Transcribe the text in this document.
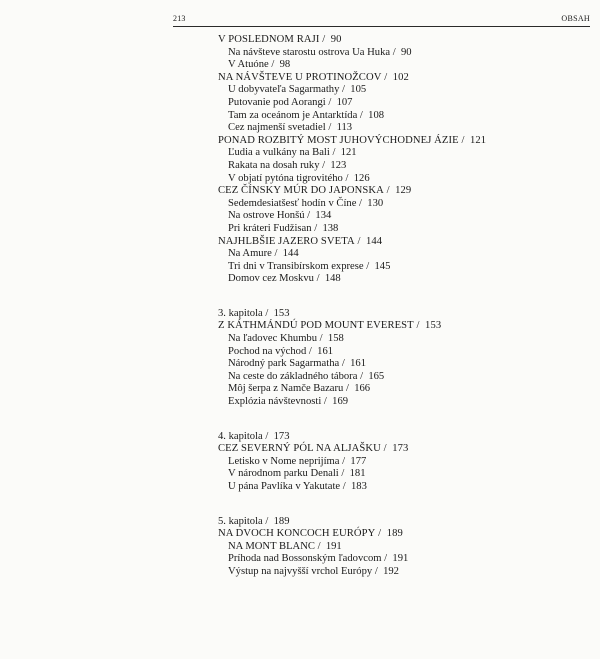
213	OBSAH
V POSLEDNOM RAJI / 90
Na návšteve starostu ostrova Ua Huka / 90
V Atuóne / 98
NA NÁVŠTEVE U PROTINOŽCOV / 102
U dobyvateľa Sagarmathy / 105
Putovanie pod Aorangi / 107
Tam za oceánom je Antarktída / 108
Cez najmenší svetadiel / 113
PONAD ROZBITÝ MOST JUHOVÝCHODNEJ ÁZIE / 121
Ľudia a vulkány na Bali / 121
Rakata na dosah ruky / 123
V objatí pytóna tigrovitého / 126
CEZ ČÍNSKY MÚR DO JAPONSKA / 129
Sedemdesiatšesť hodín v Číne / 130
Na ostrove Honšú / 134
Pri kráteri Fudžisan / 138
NAJHLBŠIE JAZERO SVETA / 144
Na Amure / 144
Tri dni v Transibírskom exprese / 145
Domov cez Moskvu / 148
3. kapitola / 153
Z KÁTHMÁNDÚ POD MOUNT EVEREST / 153
Na ľadovec Khumbu / 158
Pochod na východ / 161
Národný park Sagarmatha / 161
Na ceste do základného tábora / 165
Môj šerpa z Namče Bazaru / 166
Explózia návštevnosti / 169
4. kapitola / 173
CEZ SEVERNÝ PÓL NA ALJAŠKU / 173
Letisko v Nome neprijíma / 177
V národnom parku Denali / 181
U pána Pavlíka v Yakutate / 183
5. kapitola / 189
NA DVOCH KONCOCH EURÓPY / 189
NA MONT BLANC / 191
Príhoda nad Bossonským ľadovcom / 191
Výstup na najvyšší vrchol Európy / 192
